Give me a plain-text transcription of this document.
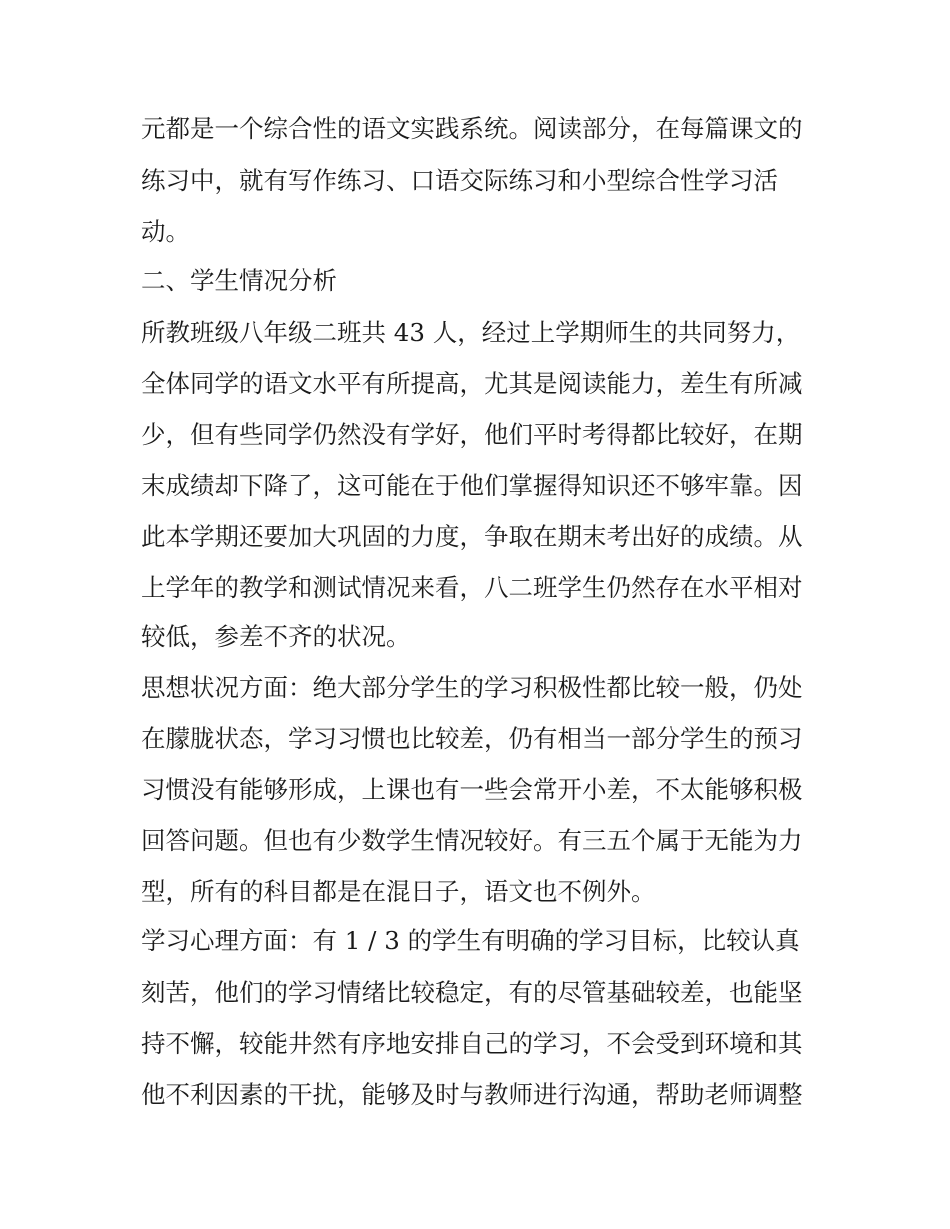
元都是一个综合性的语文实践系统。阅读部分，在每篇课文的
练习中，就有写作练习、口语交际练习和小型综合性学习活
动。
二、学生情况分析
所教班级八年级二班共 43 人，经过上学期师生的共同努力，
全体同学的语文水平有所提高，尤其是阅读能力，差生有所减
少，但有些同学仍然没有学好，他们平时考得都比较好，在期
末成绩却下降了，这可能在于他们掌握得知识还不够牢靠。因
此本学期还要加大巩固的力度，争取在期末考出好的成绩。从
上学年的教学和测试情况来看，八二班学生仍然存在水平相对
较低，参差不齐的状况。
思想状况方面：绝大部分学生的学习积极性都比较一般，仍处
在朦胧状态，学习习惯也比较差，仍有相当一部分学生的预习
习惯没有能够形成，上课也有一些会常开小差，不太能够积极
回答问题。但也有少数学生情况较好。有三五个属于无能为力
型，所有的科目都是在混日子，语文也不例外。
学习心理方面：有 1 / 3 的学生有明确的学习目标，比较认真
刻苦，他们的学习情绪比较稳定，有的尽管基础较差，也能坚
持不懈，较能井然有序地安排自己的学习，不会受到环境和其
他不利因素的干扰，能够及时与教师进行沟通，帮助老师调整
